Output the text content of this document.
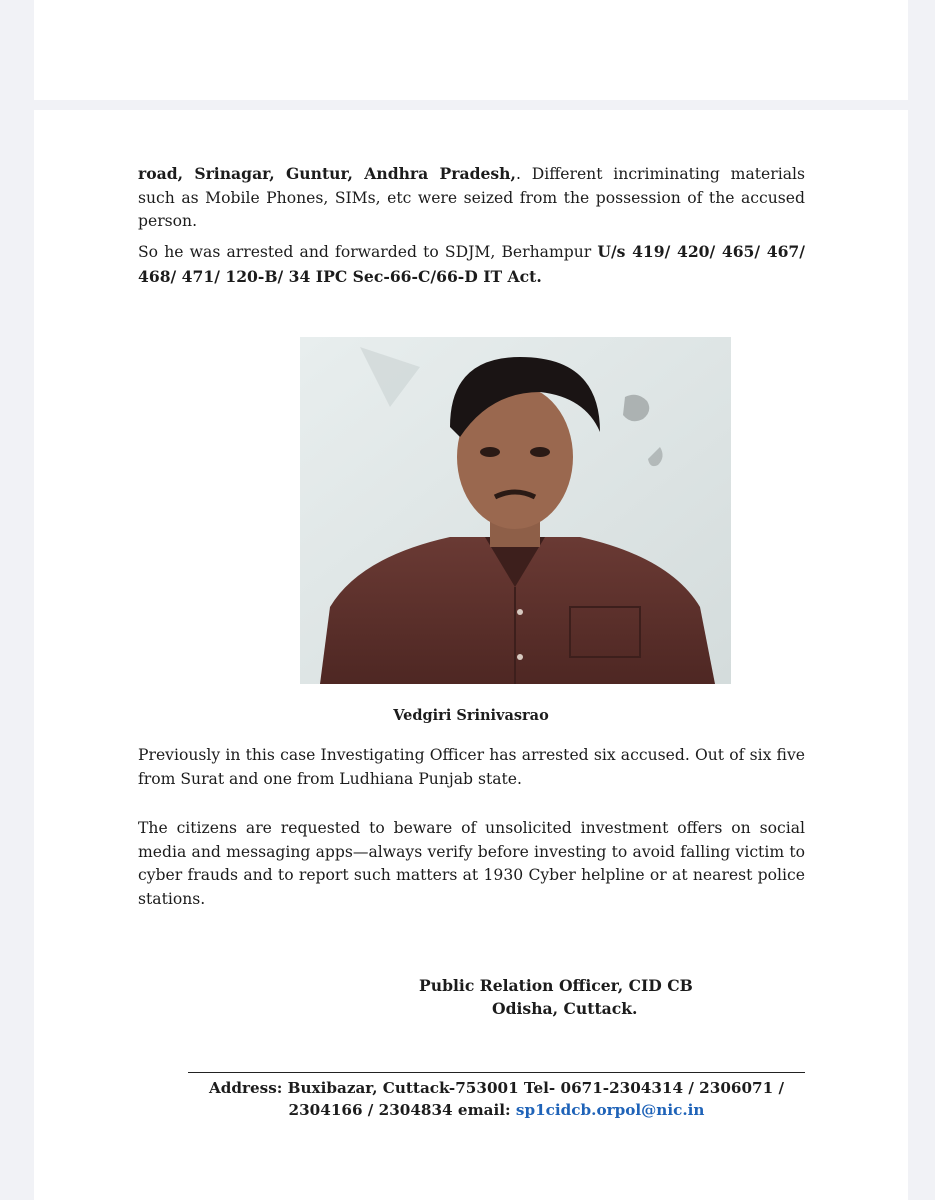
road, Srinagar, Guntur, Andhra Pradesh,. Different incriminating materials such as Mobile Phones, SIMs, etc were seized from the possession of the accused person.

So he was arrested and forwarded to SDJM, Berhampur U/s 419/ 420/ 465/ 467/ 468/ 471/ 120-B/ 34 IPC Sec-66-C/66-D IT Act.

Vedgiri Srinivasrao

Previously in this case Investigating Officer has arrested six accused. Out of six five from Surat and one from Ludhiana Punjab state.

The citizens are requested to beware of unsolicited investment offers on social media and messaging apps—always verify before investing to avoid falling victim to cyber frauds and to report such matters at 1930 Cyber helpline or at nearest police stations.

Public Relation Officer, CID CB
Odisha, Cuttack.
Address: Buxibazar, Cuttack-753001 Tel- 0671-2304314 / 2306071 / 2304166 / 2304834 email: sp1cidcb.orpol@nic.in
